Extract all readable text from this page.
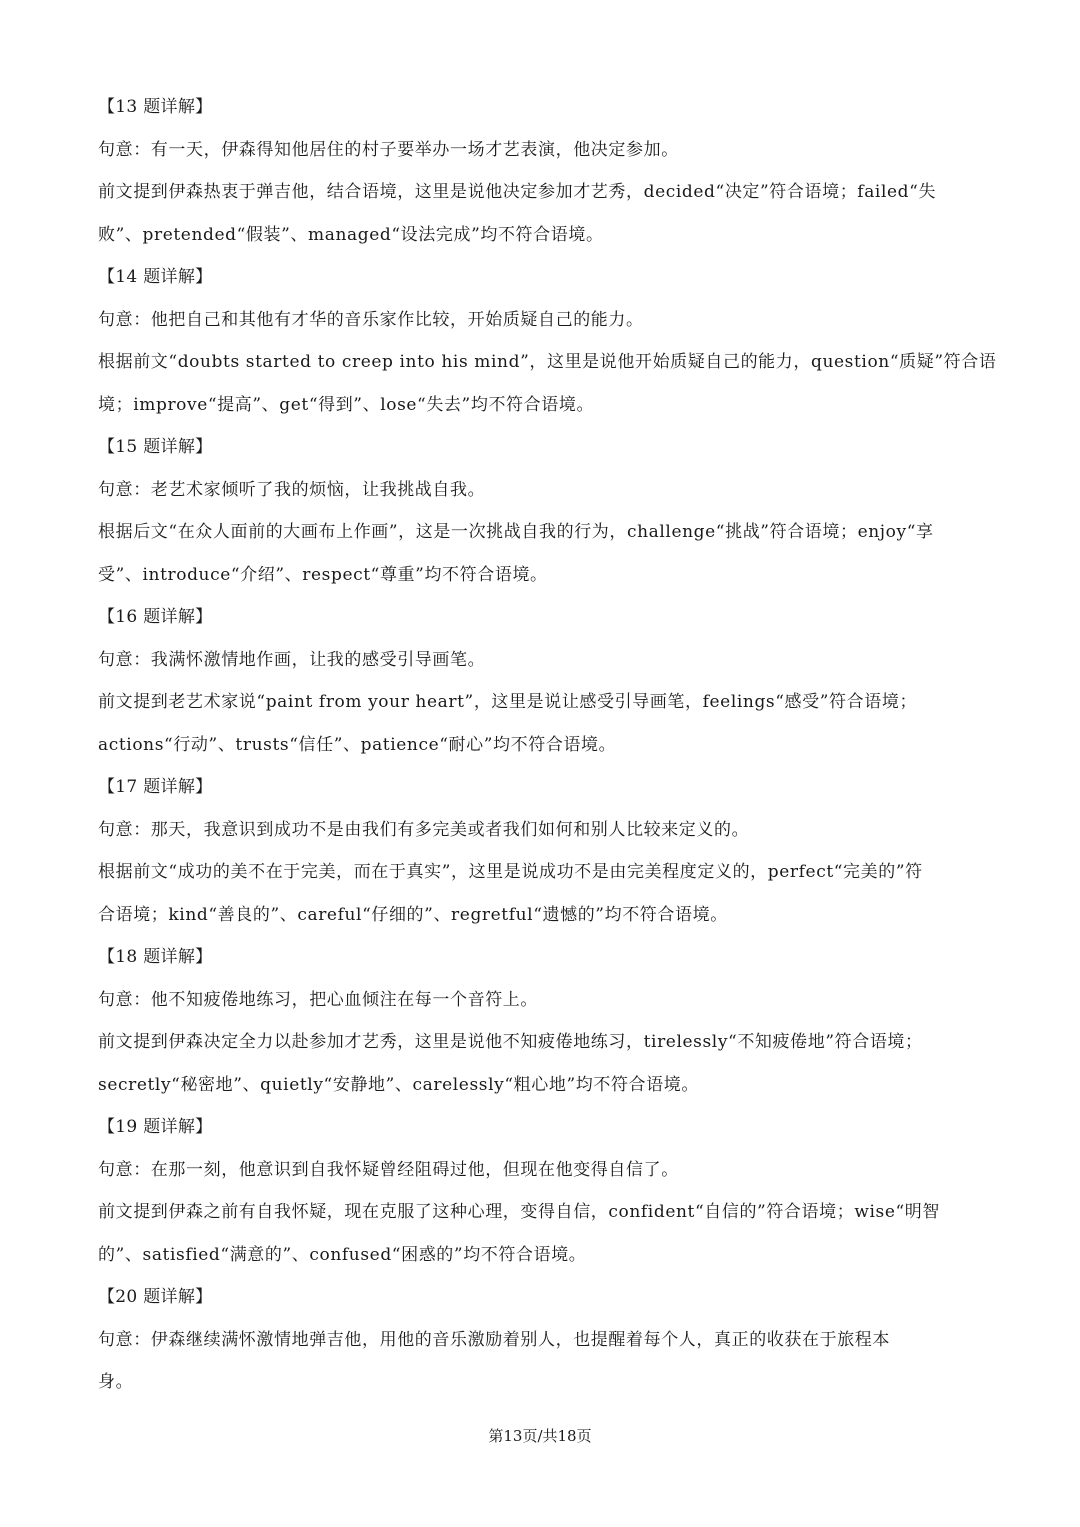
【13 题详解】
句意：有一天，伊森得知他居住的村子要举办一场才艺表演，他决定参加。
前文提到伊森热衷于弹吉他，结合语境，这里是说他决定参加才艺秀，decided“决定”符合语境；failed“失
败”、pretended“假装”、managed“设法完成”均不符合语境。
【14 题详解】
句意：他把自己和其他有才华的音乐家作比较，开始质疑自己的能力。
根据前文“doubts started to creep into his mind”，这里是说他开始质疑自己的能力，question“质疑”符合语
境；improve“提高”、get“得到”、lose“失去”均不符合语境。
【15 题详解】
句意：老艺术家倾听了我的烦恼，让我挑战自我。
根据后文“在众人面前的大画布上作画”，这是一次挑战自我的行为，challenge“挑战”符合语境；enjoy“享
受”、introduce“介绍”、respect“尊重”均不符合语境。
【16 题详解】
句意：我满怀激情地作画，让我的感受引导画笔。
前文提到老艺术家说“paint from your heart”，这里是说让感受引导画笔，feelings“感受”符合语境；
actions“行动”、trusts“信任”、patience“耐心”均不符合语境。
【17 题详解】
句意：那天，我意识到成功不是由我们有多完美或者我们如何和别人比较来定义的。
根据前文“成功的美不在于完美，而在于真实”，这里是说成功不是由完美程度定义的，perfect“完美的”符
合语境；kind“善良的”、careful“仔细的”、regretful“遗憾的”均不符合语境。
【18 题详解】
句意：他不知疲倦地练习，把心血倾注在每一个音符上。
前文提到伊森决定全力以赴参加才艺秀，这里是说他不知疲倦地练习，tirelessly“不知疲倦地”符合语境；
secretly“秘密地”、quietly“安静地”、carelessly“粗心地”均不符合语境。
【19 题详解】
句意：在那一刻，他意识到自我怀疑曾经阻碍过他，但现在他变得自信了。
前文提到伊森之前有自我怀疑，现在克服了这种心理，变得自信，confident“自信的”符合语境；wise“明智
的”、satisfied“满意的”、confused“困惑的”均不符合语境。
【20 题详解】
句意：伊森继续满怀激情地弹吉他，用他的音乐激励着别人，也提醒着每个人，真正的收获在于旅程本
身。
第13页/共18页
